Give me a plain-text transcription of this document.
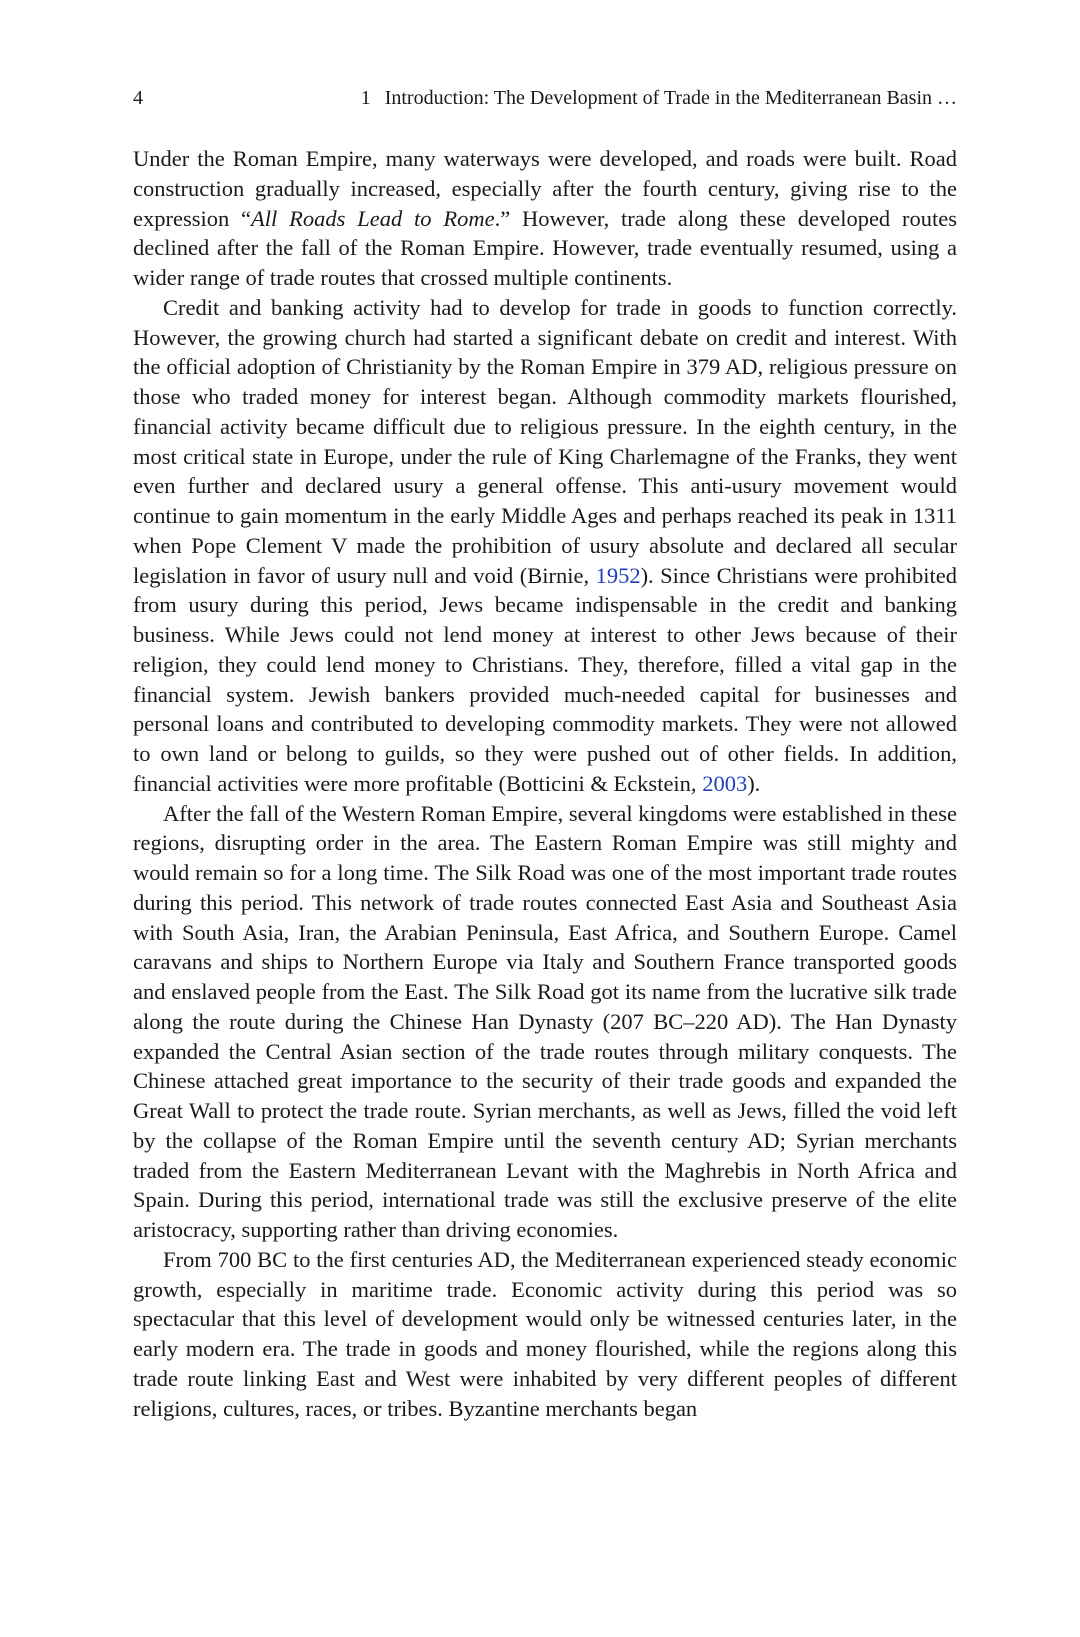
4	1 Introduction: The Development of Trade in the Mediterranean Basin …

Under the Roman Empire, many waterways were developed, and roads were built. Road construction gradually increased, especially after the fourth century, giving rise to the expression “All Roads Lead to Rome.” However, trade along these developed routes declined after the fall of the Roman Empire. However, trade eventually resumed, using a wider range of trade routes that crossed multiple continents.

Credit and banking activity had to develop for trade in goods to function correctly. However, the growing church had started a significant debate on credit and interest. With the official adoption of Christianity by the Roman Empire in 379 AD, religious pressure on those who traded money for interest began. Although commodity markets flourished, financial activity became difficult due to religious pressure. In the eighth century, in the most critical state in Europe, under the rule of King Charlemagne of the Franks, they went even further and declared usury a general offense. This anti-usury movement would continue to gain momentum in the early Middle Ages and perhaps reached its peak in 1311 when Pope Clement V made the prohibition of usury absolute and declared all secular legislation in favor of usury null and void (Birnie, 1952). Since Christians were prohibited from usury during this period, Jews became indispensable in the credit and banking business. While Jews could not lend money at interest to other Jews because of their religion, they could lend money to Christians. They, therefore, filled a vital gap in the financial system. Jewish bankers provided much-needed capital for businesses and personal loans and contributed to developing commodity markets. They were not allowed to own land or belong to guilds, so they were pushed out of other fields. In addition, financial activities were more profitable (Botticini & Eckstein, 2003).

After the fall of the Western Roman Empire, several kingdoms were established in these regions, disrupting order in the area. The Eastern Roman Empire was still mighty and would remain so for a long time. The Silk Road was one of the most important trade routes during this period. This network of trade routes connected East Asia and Southeast Asia with South Asia, Iran, the Arabian Peninsula, East Africa, and Southern Europe. Camel caravans and ships to Northern Europe via Italy and Southern France transported goods and enslaved people from the East. The Silk Road got its name from the lucrative silk trade along the route during the Chinese Han Dynasty (207 BC–220 AD). The Han Dynasty expanded the Central Asian section of the trade routes through military conquests. The Chinese attached great importance to the security of their trade goods and expanded the Great Wall to protect the trade route. Syrian merchants, as well as Jews, filled the void left by the collapse of the Roman Empire until the seventh century AD; Syrian merchants traded from the Eastern Mediterranean Levant with the Maghrebis in North Africa and Spain. During this period, international trade was still the exclusive preserve of the elite aristocracy, supporting rather than driving economies.

From 700 BC to the first centuries AD, the Mediterranean experienced steady economic growth, especially in maritime trade. Economic activity during this period was so spectacular that this level of development would only be witnessed centuries later, in the early modern era. The trade in goods and money flourished, while the regions along this trade route linking East and West were inhabited by very different peoples of different religions, cultures, races, or tribes. Byzantine merchants began
